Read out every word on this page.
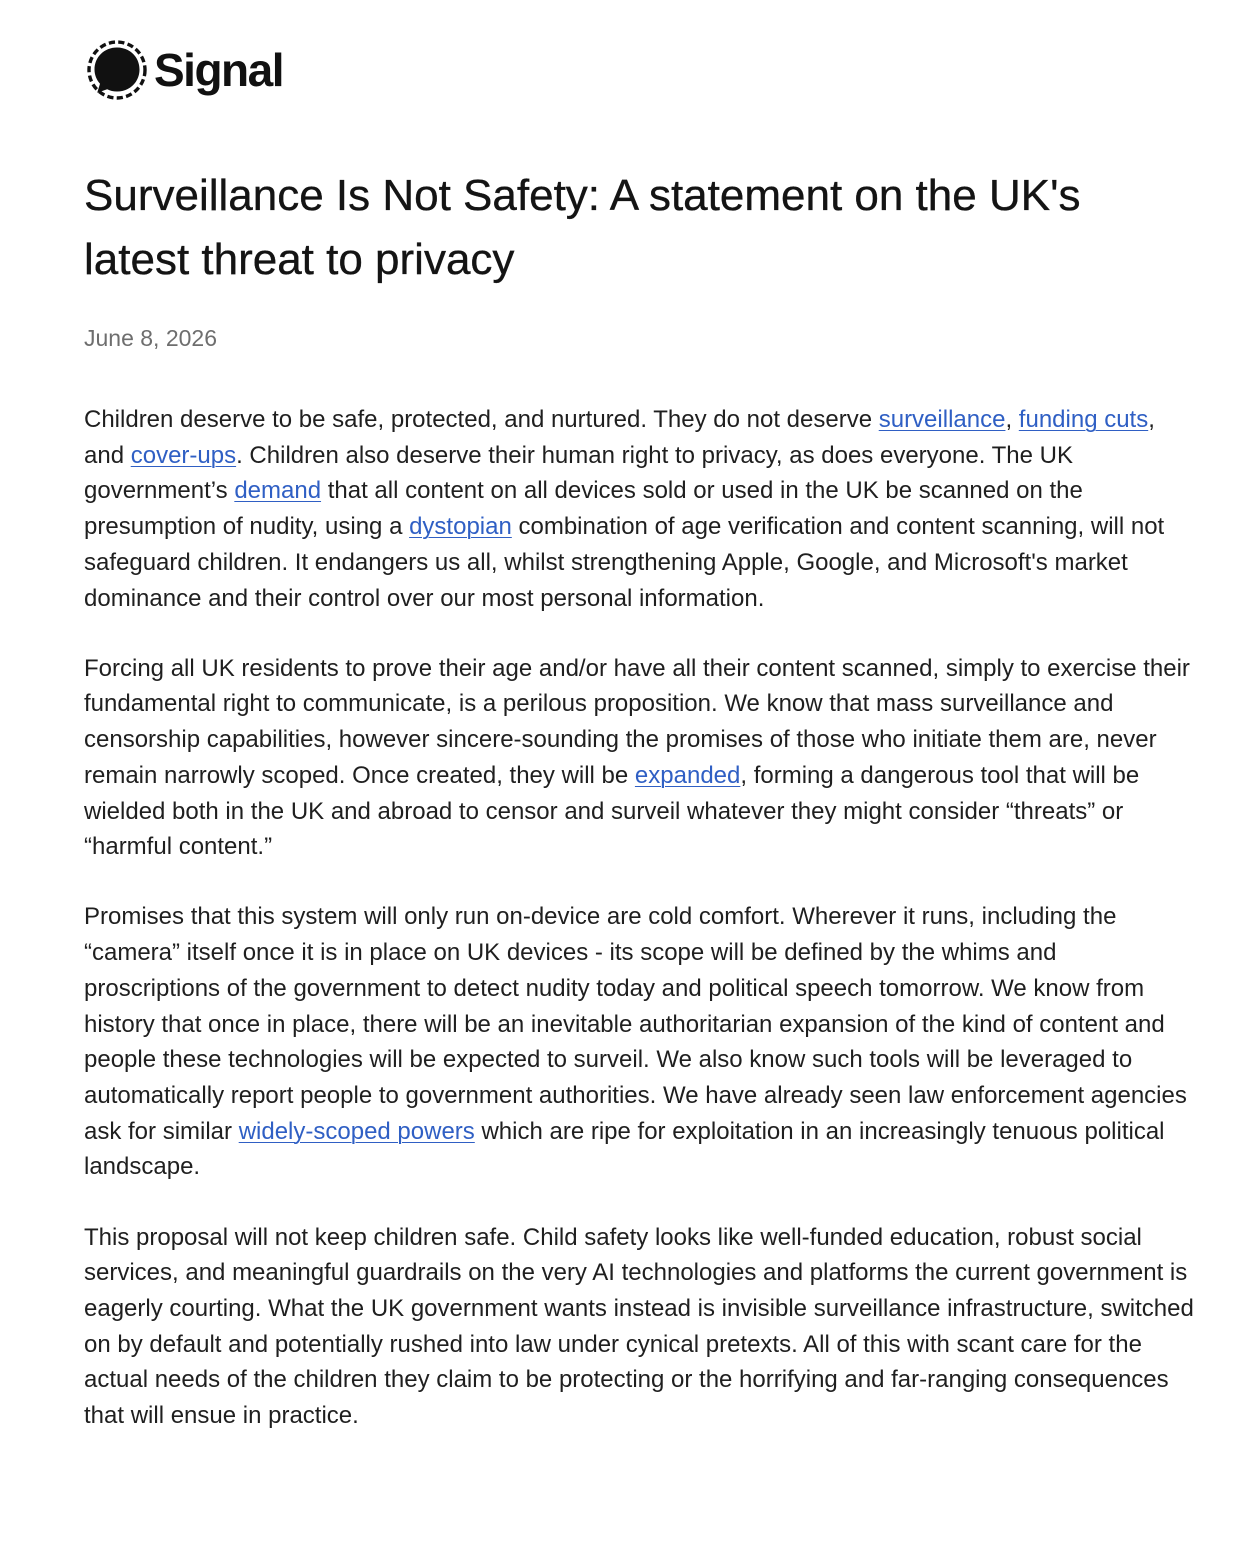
Signal
Surveillance Is Not Safety: A statement on the UK's latest threat to privacy
June 8, 2026

Children deserve to be safe, protected, and nurtured. They do not deserve surveillance, funding cuts, and cover-ups. Children also deserve their human right to privacy, as does everyone. The UK government’s demand that all content on all devices sold or used in the UK be scanned on the presumption of nudity, using a dystopian combination of age verification and content scanning, will not safeguard children. It endangers us all, whilst strengthening Apple, Google, and Microsoft's market dominance and their control over our most personal information.

Forcing all UK residents to prove their age and/or have all their content scanned, simply to exercise their fundamental right to communicate, is a perilous proposition. We know that mass surveillance and censorship capabilities, however sincere-sounding the promises of those who initiate them are, never remain narrowly scoped. Once created, they will be expanded, forming a dangerous tool that will be wielded both in the UK and abroad to censor and surveil whatever they might consider “threats” or “harmful content.”

Promises that this system will only run on-device are cold comfort. Wherever it runs, including the “camera” itself once it is in place on UK devices - its scope will be defined by the whims and proscriptions of the government to detect nudity today and political speech tomorrow. We know from history that once in place, there will be an inevitable authoritarian expansion of the kind of content and people these technologies will be expected to surveil. We also know such tools will be leveraged to automatically report people to government authorities. We have already seen law enforcement agencies ask for similar widely-scoped powers which are ripe for exploitation in an increasingly tenuous political landscape.

This proposal will not keep children safe. Child safety looks like well-funded education, robust social services, and meaningful guardrails on the very AI technologies and platforms the current government is eagerly courting. What the UK government wants instead is invisible surveillance infrastructure, switched on by default and potentially rushed into law under cynical pretexts. All of this with scant care for the actual needs of the children they claim to be protecting or the horrifying and far-ranging consequences that will ensue in practice.
